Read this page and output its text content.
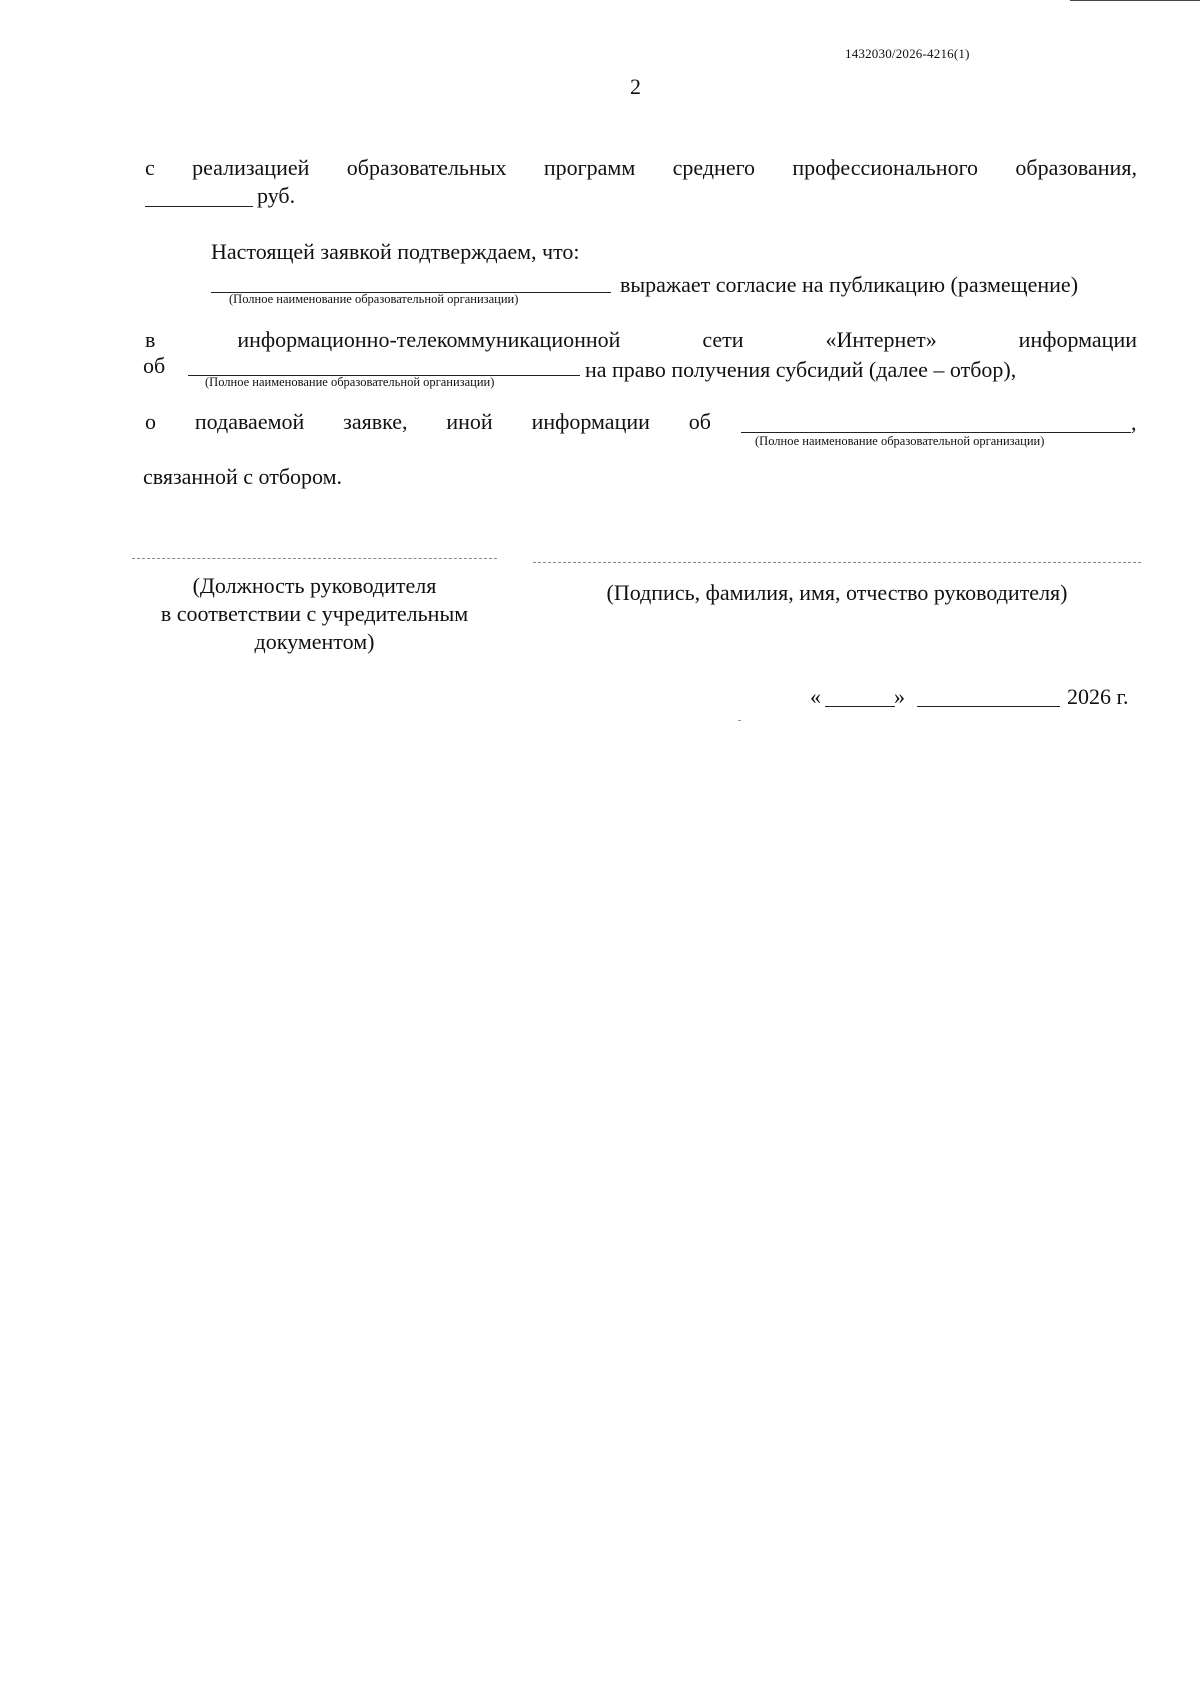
1432030/2026-4216(1)
2
с реализацией образовательных программ среднего профессионального образования,
руб.
Настоящей заявкой подтверждаем, что:
(Полное наименование образовательной организации)
выражает согласие на публикацию (размещение)
в	информационно-телекоммуникационной	сети	«Интернет»	информации
об
(Полное наименование образовательной организации)	на право получения субсидий (далее – отбор),
о подаваемой заявке, иной информации об	,
(Полное наименование образовательной организации)
связанной с отбором.
(Должность руководителя
в соответствии с учредительным
документом)
(Подпись, фамилия, имя, отчество руководителя)
«	»	2026 г.
